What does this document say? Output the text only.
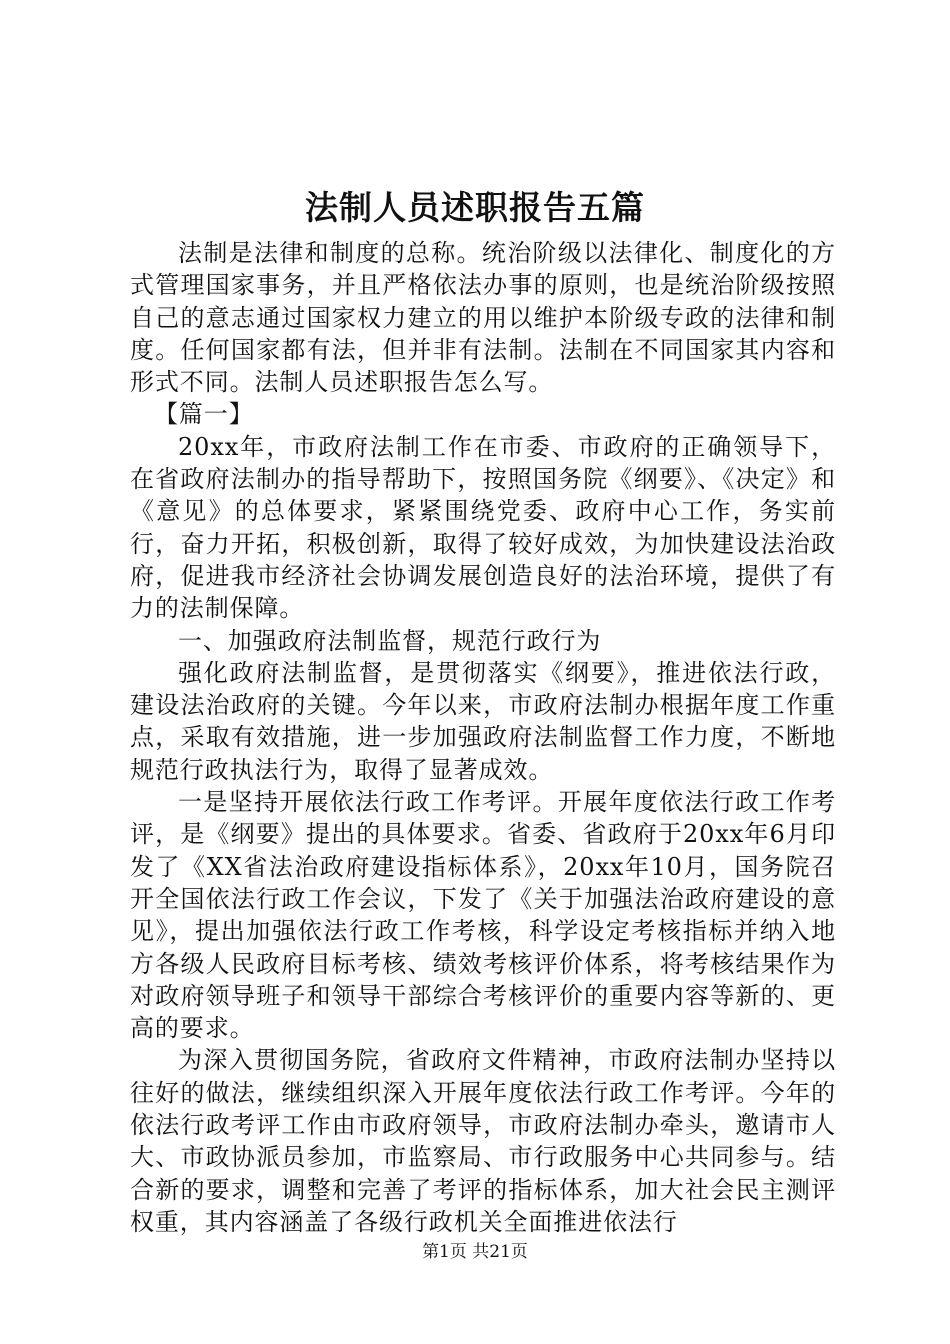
法制人员述职报告五篇

法制是法律和制度的总称。统治阶级以法律化、制度化的方式管理国家事务，并且严格依法办事的原则，也是统治阶级按照自己的意志通过国家权力建立的用以维护本阶级专政的法律和制度。任何国家都有法，但并非有法制。法制在不同国家其内容和形式不同。法制人员述职报告怎么写。

【篇一】

20xx年，市政府法制工作在市委、市政府的正确领导下，在省政府法制办的指导帮助下，按照国务院《纲要》、《决定》和《意见》的总体要求，紧紧围绕党委、政府中心工作，务实前行，奋力开拓，积极创新，取得了较好成效，为加快建设法治政府，促进我市经济社会协调发展创造良好的法治环境，提供了有力的法制保障。

一、加强政府法制监督，规范行政行为

强化政府法制监督，是贯彻落实《纲要》，推进依法行政，建设法治政府的关键。今年以来，市政府法制办根据年度工作重点，采取有效措施，进一步加强政府法制监督工作力度，不断地规范行政执法行为，取得了显著成效。

一是坚持开展依法行政工作考评。开展年度依法行政工作考评，是《纲要》提出的具体要求。省委、省政府于20xx年6月印发了《XX省法治政府建设指标体系》，20xx年10月，国务院召开全国依法行政工作会议，下发了《关于加强法治政府建设的意见》，提出加强依法行政工作考核，科学设定考核指标并纳入地方各级人民政府目标考核、绩效考核评价体系，将考核结果作为对政府领导班子和领导干部综合考核评价的重要内容等新的、更高的要求。

为深入贯彻国务院，省政府文件精神，市政府法制办坚持以往好的做法，继续组织深入开展年度依法行政工作考评。今年的依法行政考评工作由市政府领导，市政府法制办牵头，邀请市人大、市政协派员参加，市监察局、市行政服务中心共同参与。结合新的要求，调整和完善了考评的指标体系，加大社会民主测评权重，其内容涵盖了各级行政机关全面推进依法行

第1页 共21页
